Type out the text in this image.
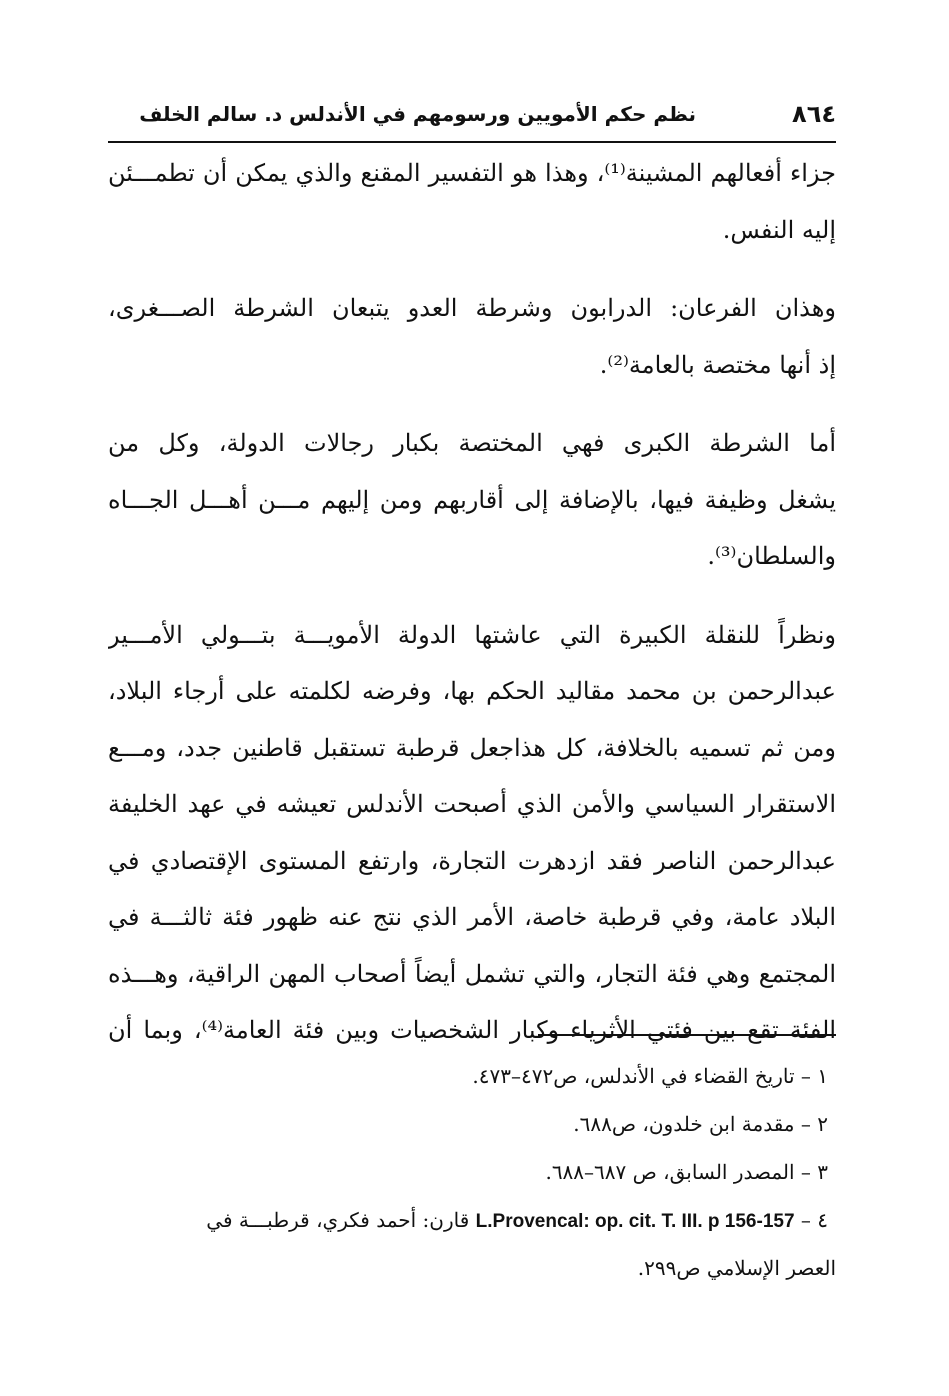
٨٦٤
نظم حكم الأمويين ورسومهم في الأندلس د. سالم الخلف
جزاء أفعالهم المشينة⁽¹⁾، وهذا هو التفسير المقنع والذي يمكن أن تطمـــئن
إليه النفس.
وهذان الفرعان: الدرابون وشرطة العدو يتبعان الشرطة الصـــغرى،
إذ أنها مختصة بالعامة⁽²⁾.
أما الشرطة الكبرى فهي المختصة بكبار رجالات الدولة، وكل من
يشغل وظيفة فيها، بالإضافة إلى أقاربهم ومن إليهم مـــن أهـــل الجـــاه
والسلطان⁽³⁾.
ونظراً للنقلة الكبيرة التي عاشتها الدولة الأمويـــة بتـــولي الأمـــير
عبدالرحمن بن محمد مقاليد الحكم بها، وفرضه لكلمته على أرجاء البلاد،
ومن ثم تسميه بالخلافة، كل هذاجعل قرطبة تستقبل قاطنين جدد، ومـــع
الاستقرار السياسي والأمن الذي أصبحت الأندلس تعيشه في عهد الخليفة
عبدالرحمن الناصر فقد ازدهرت التجارة، وارتفع المستوى الإقتصادي في
البلاد عامة، وفي قرطبة خاصة، الأمر الذي نتج عنه ظهور فئة ثالثـــة في
المجتمع وهي فئة التجار، والتي تشمل أيضاً أصحاب المهن الراقية، وهـــذه
الفئة تقع بين فئتي الأثرياء وكبار الشخصيات وبين فئة العامة⁽⁴⁾، وبما أن
١ – تاريخ القضاء في الأندلس، ص٤٧٢–٤٧٣.
٢ – مقدمة ابن خلدون، ص٦٨٨.
٣ – المصدر السابق، ص ٦٨٧–٦٨٨.
٤ – L.Provencal: op. cit. T. III. p 156-157 قارن: أحمد فكري، قرطبـــة في
العصر الإسلامي ص٢٩٩.
